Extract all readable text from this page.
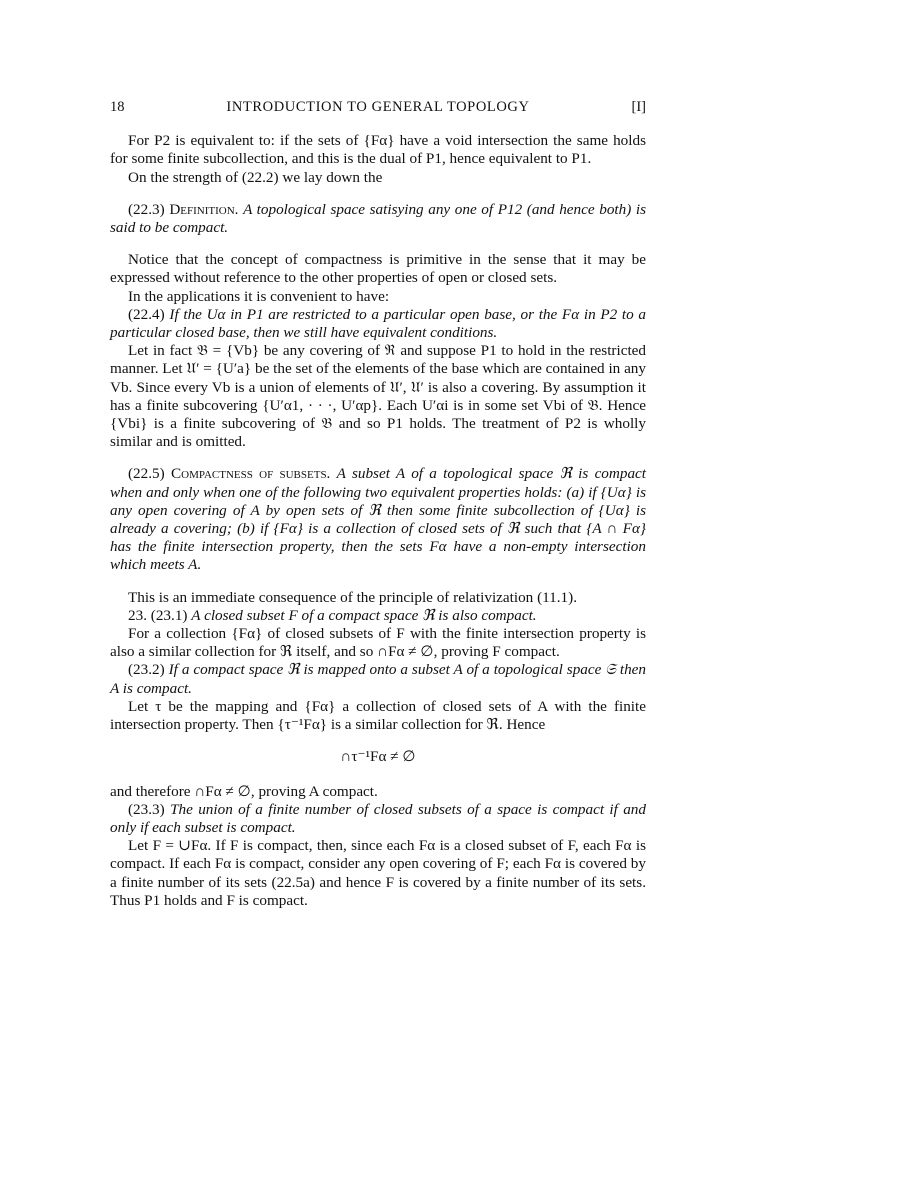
18	INTRODUCTION TO GENERAL TOPOLOGY	[I]

For P2 is equivalent to: if the sets of {Fα} have a void intersection the same holds for some finite subcollection, and this is the dual of P1, hence equivalent to P1.

On the strength of (22.2) we lay down the

(22.3) Definition. A topological space satisying any one of P12 (and hence both) is said to be compact.

Notice that the concept of compactness is primitive in the sense that it may be expressed without reference to the other properties of open or closed sets.

In the applications it is convenient to have:

(22.4) If the Uα in P1 are restricted to a particular open base, or the Fα in P2 to a particular closed base, then we still have equivalent conditions.

Let in fact 𝔅 = {Vb} be any covering of ℜ and suppose P1 to hold in the restricted manner. Let 𝔘′ = {U′a} be the set of the elements of the base which are contained in any Vb. Since every Vb is a union of elements of 𝔘′, 𝔘′ is also a covering. By assumption it has a finite subcovering {U′α1, · · ·, U′αp}. Each U′αi is in some set Vbi of 𝔅. Hence {Vbi} is a finite subcovering of 𝔅 and so P1 holds. The treatment of P2 is wholly similar and is omitted.

(22.5) Compactness of subsets. A subset A of a topological space ℜ is compact when and only when one of the following two equivalent properties holds: (a) if {Uα} is any open covering of A by open sets of ℜ then some finite subcollection of {Uα} is already a covering; (b) if {Fα} is a collection of closed sets of ℜ such that {A ∩ Fα} has the finite intersection property, then the sets Fα have a non-empty intersection which meets A.

This is an immediate consequence of the principle of relativization (11.1).

23. (23.1) A closed subset F of a compact space ℜ is also compact.

For a collection {Fα} of closed subsets of F with the finite intersection property is also a similar collection for ℜ itself, and so ∩Fα ≠ ∅, proving F compact.

(23.2) If a compact space ℜ is mapped onto a subset A of a topological space 𝔖 then A is compact.

Let τ be the mapping and {Fα} a collection of closed sets of A with the finite intersection property. Then {τ⁻¹Fα} is a similar collection for ℜ. Hence

∩τ⁻¹Fα ≠ ∅

and therefore ∩Fα ≠ ∅, proving A compact.

(23.3) The union of a finite number of closed subsets of a space is compact if and only if each subset is compact.

Let F = ∪Fα. If F is compact, then, since each Fα is a closed subset of F, each Fα is compact. If each Fα is compact, consider any open covering of F; each Fα is covered by a finite number of its sets (22.5a) and hence F is covered by a finite number of its sets. Thus P1 holds and F is compact.
